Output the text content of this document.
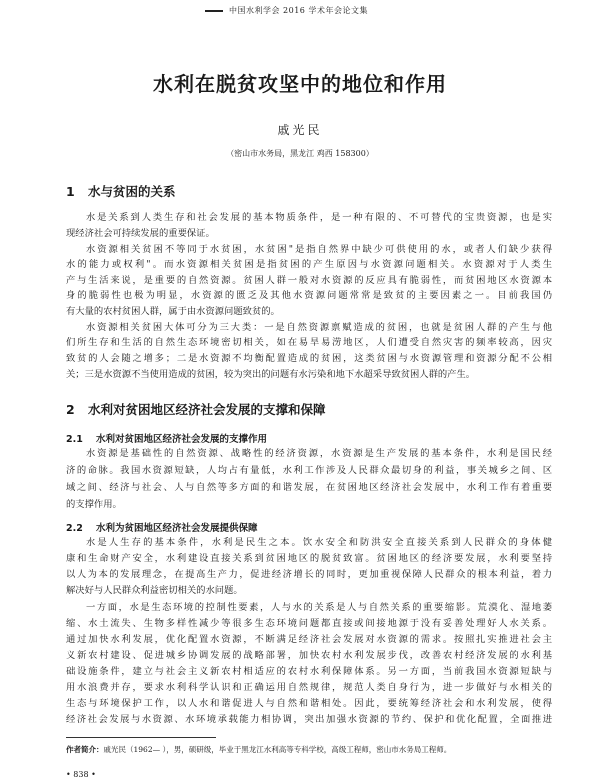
中国水利学会 2016 学术年会论文集
水利在脱贫攻坚中的地位和作用
戚光民
（密山市水务局，黑龙江 鸡西 158300）
1 水与贫困的关系
水是关系到人类生存和社会发展的基本物质条件，是一种有限的、不可替代的宝贵资源，也是实
现经济社会可持续发展的重要保证。
水资源相关贫困不等同于水贫困，水贫困"是指自然界中缺少可供使用的水，或者人们缺少获得
水的能力或权利"。而水资源相关贫困是指贫困的产生原因与水资源问题相关。水资源对于人类生
产与生活来说，是重要的自然资源。贫困人群一般对水资源的反应具有脆弱性，而贫困地区水资源本
身的脆弱性也极为明显，水资源的匮乏及其他水资源问题常常是致贫的主要因素之一。目前我国仍
有大量的农村贫困人群，属于由水资源问题致贫的。
水资源相关贫困大体可分为三大类：一是自然资源禀赋造成的贫困，也就是贫困人群的产生与他
们所生存和生活的自然生态环境密切相关，如在易旱易涝地区，人们遭受自然灾害的频率较高，因灾
致贫的人会随之增多；二是水资源不均衡配置造成的贫困，这类贫困与水资源管理和资源分配不公相
关；三是水资源不当使用造成的贫困，较为突出的问题有水污染和地下水超采导致贫困人群的产生。
2 水利对贫困地区经济社会发展的支撑和保障
2.1 水利对贫困地区经济社会发展的支撑作用
水资源是基础性的自然资源、战略性的经济资源，水资源是生产发展的基本条件，水利是国民经
济的命脉。我国水资源短缺，人均占有量低，水利工作涉及人民群众最切身的利益，事关城乡之间、区
域之间、经济与社会、人与自然等多方面的和谐发展，在贫困地区经济社会发展中，水利工作有着重要
的支撑作用。
2.2 水利为贫困地区经济社会发展提供保障
水是人生存的基本条件，水利是民生之本。饮水安全和防洪安全直接关系到人民群众的身体健
康和生命财产安全，水利建设直接关系到贫困地区的脱贫致富。贫困地区的经济要发展，水利要坚持
以人为本的发展理念，在提高生产力，促进经济增长的同时，更加重视保障人民群众的根本利益，着力
解决好与人民群众利益密切相关的水问题。
一方面，水是生态环境的控制性要素，人与水的关系是人与自然关系的重要缩影。荒漠化、湿地萎
缩、水土流失、生物多样性减少等很多生态环境问题都直接或间接地源于没有妥善处理好人水关系。
通过加快水利发展，优化配置水资源，不断满足经济社会发展对水资源的需求。按照扎实推进社会主
义新农村建设、促进城乡协调发展的战略部署，加快农村水利发展步伐，改善农村经济发展的水利基
础设施条件，建立与社会主义新农村相适应的农村水利保障体系。另一方面，当前我国水资源短缺与
用水浪费并存，要求水利科学认识和正确运用自然规律，规范人类自身行为，进一步做好与水相关的
生态与环境保护工作，以人水和谐促进人与自然和谐相处。因此，要统筹经济社会和水利发展，使得
经济社会发展与水资源、水环境承载能力相协调，突出加强水资源的节约、保护和优化配置，全面推进
作者简介：戚光民（1962— ），男，硕研级，毕业于黑龙江水利高等专科学校，高级工程师，密山市水务局工程师。
• 838 •
